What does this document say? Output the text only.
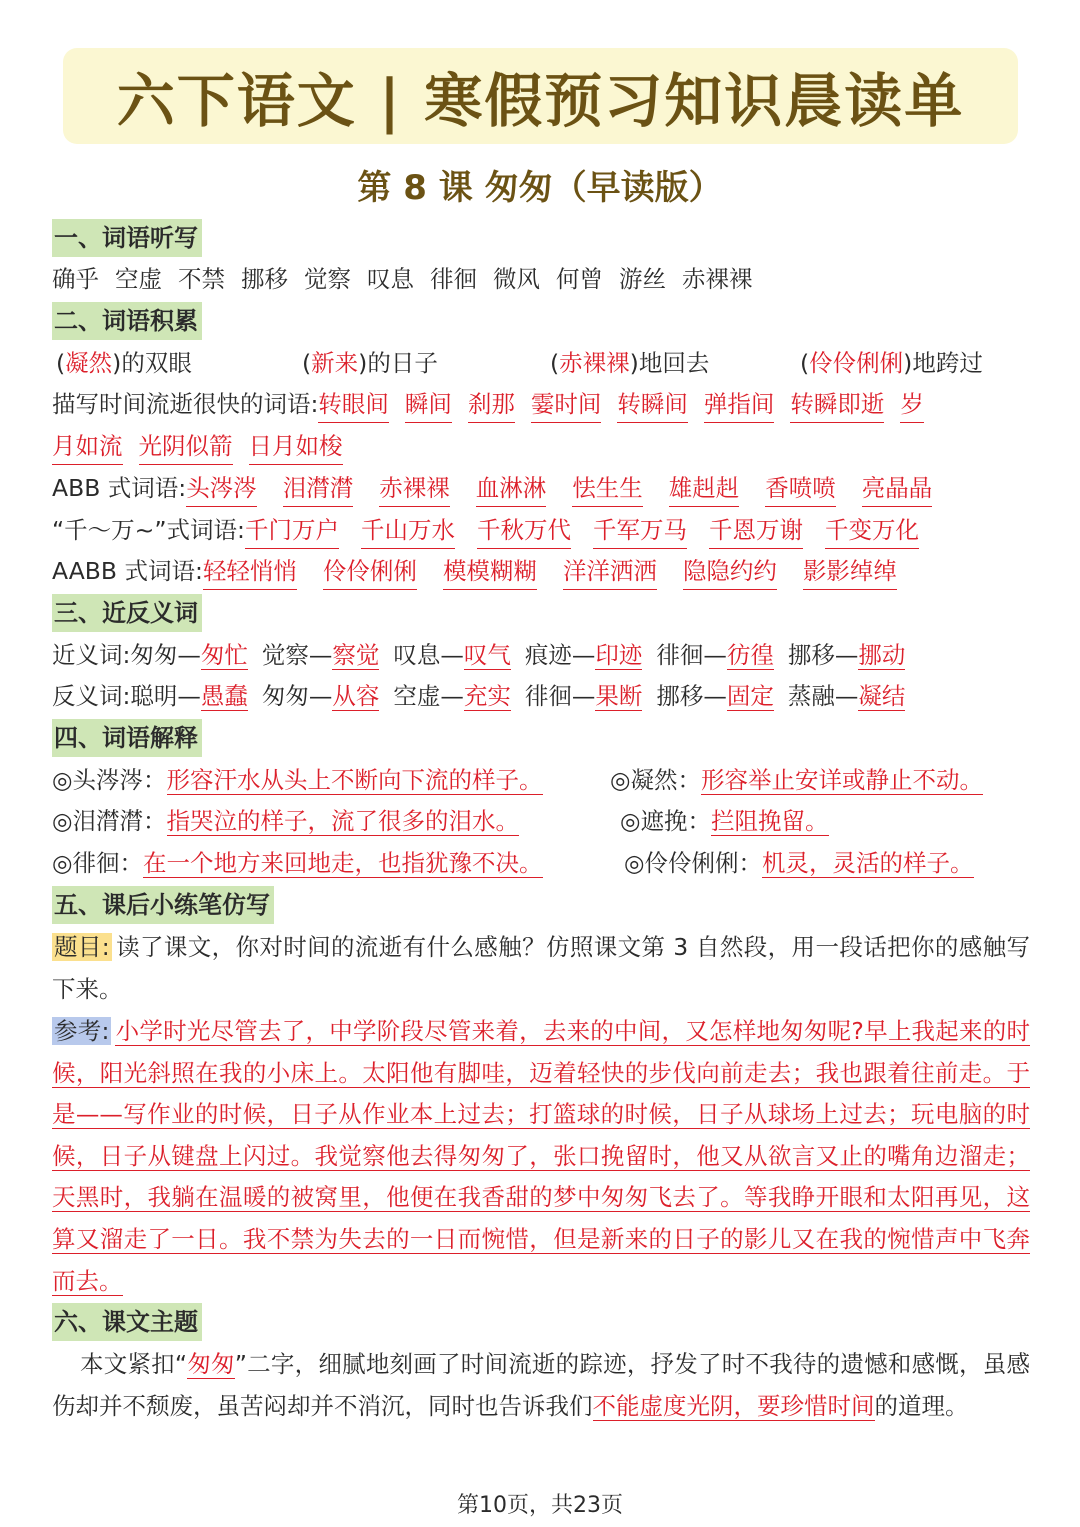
六下语文 | 寒假预习知识晨读单
第 8 课 匆匆（早读版）
一、词语听写
确乎 空虚 不禁 挪移 觉察 叹息 徘徊 微风 何曾 游丝 赤裸裸
二、词语积累
(凝然)的双眼	(新来)的日子	(赤裸裸)地回去	(伶伶俐俐)地跨过
描写时间流逝很快的词语:转眼间 瞬间 刹那 霎时间 转瞬间 弹指间 转瞬即逝 岁
月如流 光阴似箭 日月如梭
ABB 式词语:头涔涔 泪潸潸 赤裸裸 血淋淋 怯生生 雄赳赳 香喷喷 亮晶晶
“千～万~”式词语:千门万户 千山万水 千秋万代 千军万马 千恩万谢 千变万化
AABB 式词语:轻轻悄悄 伶伶俐俐 模模糊糊 洋洋洒洒 隐隐约约 影影绰绰
三、近反义词
近义词:匆匆—匆忙 觉察—察觉 叹息—叹气 痕迹—印迹 徘徊—彷徨 挪移—挪动
反义词:聪明—愚蠢 匆匆—从容 空虚—充实 徘徊—果断 挪移—固定 蒸融—凝结
四、词语解释
◎头涔涔：形容汗水从头上不断向下流的样子。	◎凝然：形容举止安详或静止不动。
◎泪潸潸：指哭泣的样子，流了很多的泪水。	◎遮挽：拦阻挽留。
◎徘徊：在一个地方来回地走，也指犹豫不决。	◎伶伶俐俐：机灵，灵活的样子。
五、课后小练笔仿写
题目: 读了课文，你对时间的流逝有什么感触？仿照课文第 3 自然段，用一段话把你的感触写下来。
参考: 小学时光尽管去了，中学阶段尽管来着，去来的中间，又怎样地匆匆呢?早上我起来的时候，阳光斜照在我的小床上。太阳他有脚哇，迈着轻快的步伐向前走去；我也跟着往前走。于是——写作业的时候，日子从作业本上过去；打篮球的时候，日子从球场上过去；玩电脑的时候，日子从键盘上闪过。我觉察他去得匆匆了，张口挽留时，他又从欲言又止的嘴角边溜走；天黑时，我躺在温暖的被窝里，他便在我香甜的梦中匆匆飞去了。等我睁开眼和太阳再见，这算又溜走了一日。我不禁为失去的一日而惋惜，但是新来的日子的影儿又在我的惋惜声中飞奔而去。
六、课文主题
本文紧扣“匆匆”二字，细腻地刻画了时间流逝的踪迹，抒发了时不我待的遗憾和感慨，虽感伤却并不颓废，虽苦闷却并不消沉，同时也告诉我们不能虚度光阴，要珍惜时间的道理。
第10页，共23页
